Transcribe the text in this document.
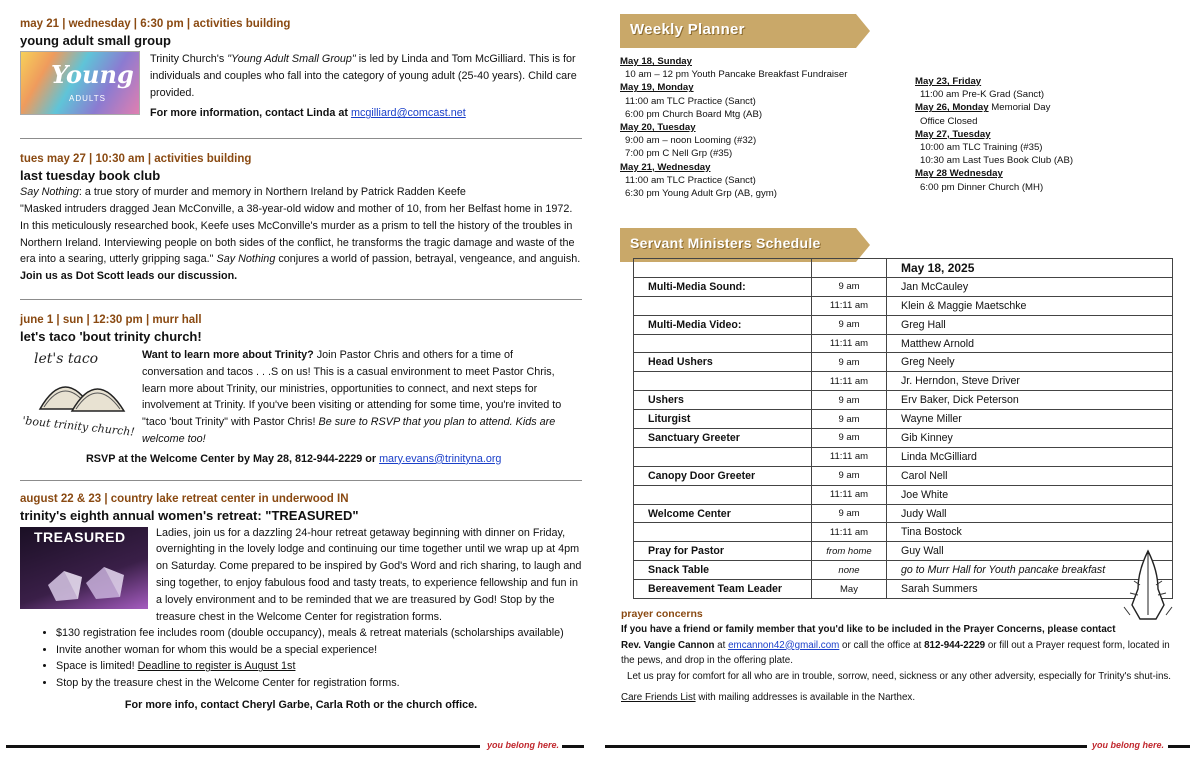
may 21 | wednesday | 6:30 pm | activities building
young adult small group
Young
ADULTS
Trinity Church's "Young Adult Small Group" is led by Linda and Tom McGilliard. This is for individuals and couples who fall into the category of young adult (25-40 years). Child care provided.
For more information, contact Linda at mcgilliard@comcast.net
tues may 27 | 10:30 am | activities building
last tuesday book club
Say Nothing: a true story of murder and memory in Northern Ireland by Patrick Radden Keefe
"Masked intruders dragged Jean McConville, a 38-year-old widow and mother of 10, from her Belfast home in 1972. In this meticulously researched book, Keefe uses McConville's murder as a prism to tell the history of the troubles in Northern Ireland. Interviewing people on both sides of the conflict, he transforms the tragic damage and waste of the era into a searing, utterly gripping saga." Say Nothing conjures a world of passion, betrayal, vengeance, and anguish. Join us as Dot Scott leads our discussion.
june 1 | sun | 12:30 pm | murr hall
let's taco 'bout trinity church!
let's taco
'bout trinity church!
Want to learn more about Trinity? Join Pastor Chris and others for a time of conversation and tacos . . .S on us! This is a casual environment to meet Pastor Chris, learn more about Trinity, our ministries, opportunities to connect, and next steps for involvement at Trinity. If you've been visiting or attending for some time, you're invited to "taco 'bout Trinity" with Pastor Chris! Be sure to RSVP that you plan to attend. Kids are welcome too!
RSVP at the Welcome Center by May 28, 812-944-2229 or mary.evans@trinityna.org
august 22 & 23 | country lake retreat center in underwood IN
trinity's eighth annual women's retreat: "TREASURED"
TREASURED	Ladies, join us for a dazzling 24-hour retreat getaway beginning with dinner on Friday, overnighting in the lovely lodge and continuing our time together until we wrap up at 4pm on Saturday. Come prepared to be inspired by God's Word and rich sharing, to laugh and sing together, to enjoy fabulous food and tasty treats, to experience fellowship and fun in a lovely environment and to be reminded that we are treasured by God! Stop by the treasure chest in the Welcome Center for registration forms.
• $130 registration fee includes room (double occupancy), meals & retreat materials (scholarships available)
• Invite another woman for whom this would be a special experience!
• Space is limited! Deadline to register is August 1st
• Stop by the treasure chest in the Welcome Center for registration forms.
For more info, contact Cheryl Garbe, Carla Roth or the church office.
you belong here.
Weekly Planner
May 18, Sunday
10 am – 12 pm Youth Pancake Breakfast Fundraiser
May 19, Monday
11:00 am TLC Practice (Sanct)
6:00 pm Church Board Mtg (AB)
May 20, Tuesday
9:00 am – noon Looming (#32)
7:00 pm C Nell Grp (#35)
May 21, Wednesday
11:00 am TLC Practice (Sanct)
6:30 pm Young Adult Grp (AB, gym)
May 23, Friday
11:00 am Pre-K Grad (Sanct)
May 26, Monday Memorial Day
Office Closed
May 27, Tuesday
10:00 am TLC Training (#35)
10:30 am Last Tues Book Club (AB)
May 28 Wednesday
6:00 pm Dinner Church (MH)
Servant Ministers Schedule
		May 18, 2025
Multi-Media Sound:	9 am	Jan McCauley
	11:11 am	Klein & Maggie Maetschke
Multi-Media Video:	9 am	Greg Hall
	11:11 am	Matthew Arnold
Head Ushers	9 am	Greg Neely
	11:11 am	Jr. Herndon, Steve Driver
Ushers	9 am	Erv Baker, Dick Peterson
Liturgist	9 am	Wayne Miller
Sanctuary Greeter	9 am	Gib Kinney
	11:11 am	Linda McGilliard
Canopy Door Greeter	9 am	Carol Nell
	11:11 am	Joe White
Welcome Center	9 am	Judy Wall
	11:11 am	Tina Bostock
Pray for Pastor	from home	Guy Wall
Snack Table	none	go to Murr Hall for Youth pancake breakfast
Bereavement Team Leader	May	Sarah Summers
prayer concerns
If you have a friend or family member that you'd like to be included in the Prayer Concerns, please contact
Rev. Vangie Cannon at emcannon42@gmail.com or call the office at 812-944-2229 or fill out a Prayer request form, located in the pews, and drop in the offering plate.
Let us pray for comfort for all who are in trouble, sorrow, need, sickness or any other adversity, especially for Trinity's shut-ins.
Care Friends List with mailing addresses is available in the Narthex.
you belong here.
